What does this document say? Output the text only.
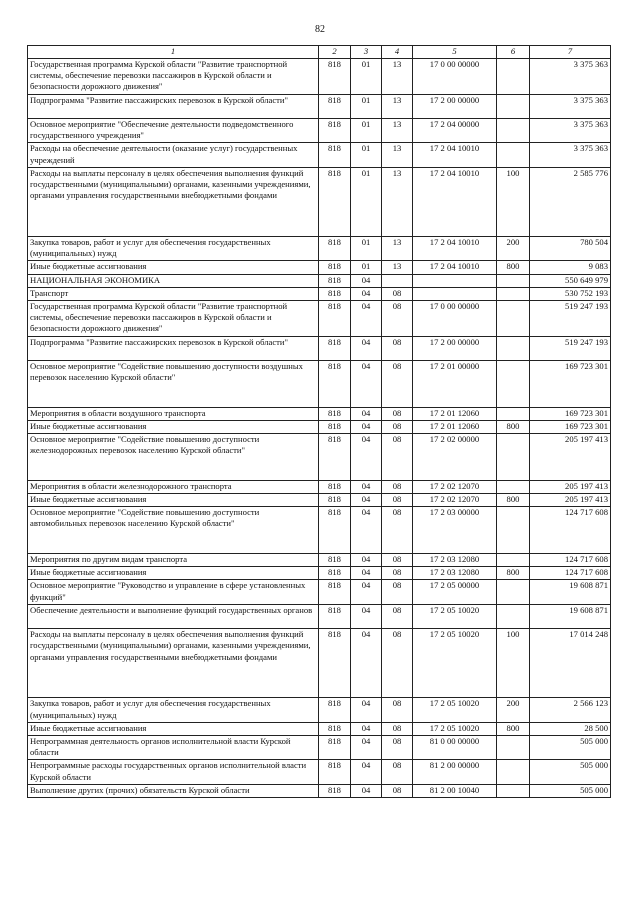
82
1	2	3	4	5	6	7
Государственная программа Курской области "Развитие транспортной системы, обеспечение перевозки пассажиров в Курской области и безопасности дорожного движения"	818	01	13	17 0 00 00000		3 375 363
Подпрограмма "Развитие пассажирских перевозок в Курской области"	818	01	13	17 2 00 00000		3 375 363
Основное мероприятие "Обеспечение деятельности подведомственного государственного учреждения"	818	01	13	17 2 04 00000		3 375 363
Расходы на обеспечение деятельности (оказание услуг) государственных учреждений	818	01	13	17 2 04 10010		3 375 363
Расходы на выплаты персоналу в целях обеспечения выполнения функций государственными (муниципальными) органами, казенными учреждениями, органами управления государственными внебюджетными фондами	818	01	13	17 2 04 10010	100	2 585 776
Закупка товаров, работ и услуг для обеспечения государственных (муниципальных) нужд	818	01	13	17 2 04 10010	200	780 504
Иные бюджетные ассигнования	818	01	13	17 2 04 10010	800	9 083
НАЦИОНАЛЬНАЯ ЭКОНОМИКА	818	04				550 649 979
Транспорт	818	04	08			530 752 193
Государственная программа Курской области "Развитие транспортной системы, обеспечение перевозки пассажиров в Курской области и безопасности дорожного движения"	818	04	08	17 0 00 00000		519 247 193
Подпрограмма "Развитие пассажирских перевозок в Курской области"	818	04	08	17 2 00 00000		519 247 193
Основное мероприятие "Содействие повышению доступности воздушных перевозок населению Курской области"	818	04	08	17 2 01 00000		169 723 301
Мероприятия в области воздушного транспорта	818	04	08	17 2 01 12060		169 723 301
Иные бюджетные ассигнования	818	04	08	17 2 01 12060	800	169 723 301
Основное мероприятие "Содействие повышению доступности железнодорожных перевозок населению Курской области"	818	04	08	17 2 02 00000		205 197 413
Мероприятия в области железнодорожного транспорта	818	04	08	17 2 02 12070		205 197 413
Иные бюджетные ассигнования	818	04	08	17 2 02 12070	800	205 197 413
Основное мероприятие "Содействие повышению доступности автомобильных перевозок населению Курской области"	818	04	08	17 2 03 00000		124 717 608
Мероприятия по другим видам транспорта	818	04	08	17 2 03 12080		124 717 608
Иные бюджетные ассигнования	818	04	08	17 2 03 12080	800	124 717 608
Основное мероприятие "Руководство и управление в сфере установленных функций"	818	04	08	17 2 05 00000		19 608 871
Обеспечение деятельности и выполнение функций государственных органов	818	04	08	17 2 05 10020		19 608 871
Расходы на выплаты персоналу в целях обеспечения выполнения функций государственными (муниципальными) органами, казенными учреждениями, органами управления государственными внебюджетными фондами	818	04	08	17 2 05 10020	100	17 014 248
Закупка товаров, работ и услуг для обеспечения государственных (муниципальных) нужд	818	04	08	17 2 05 10020	200	2 566 123
Иные бюджетные ассигнования	818	04	08	17 2 05 10020	800	28 500
Непрограммная деятельность органов исполнительной власти Курской области	818	04	08	81 0 00 00000		505 000
Непрограммные расходы государственных органов исполнительной власти Курской области	818	04	08	81 2 00 00000		505 000
Выполнение других (прочих) обязательств Курской области	818	04	08	81 2 00 10040		505 000
